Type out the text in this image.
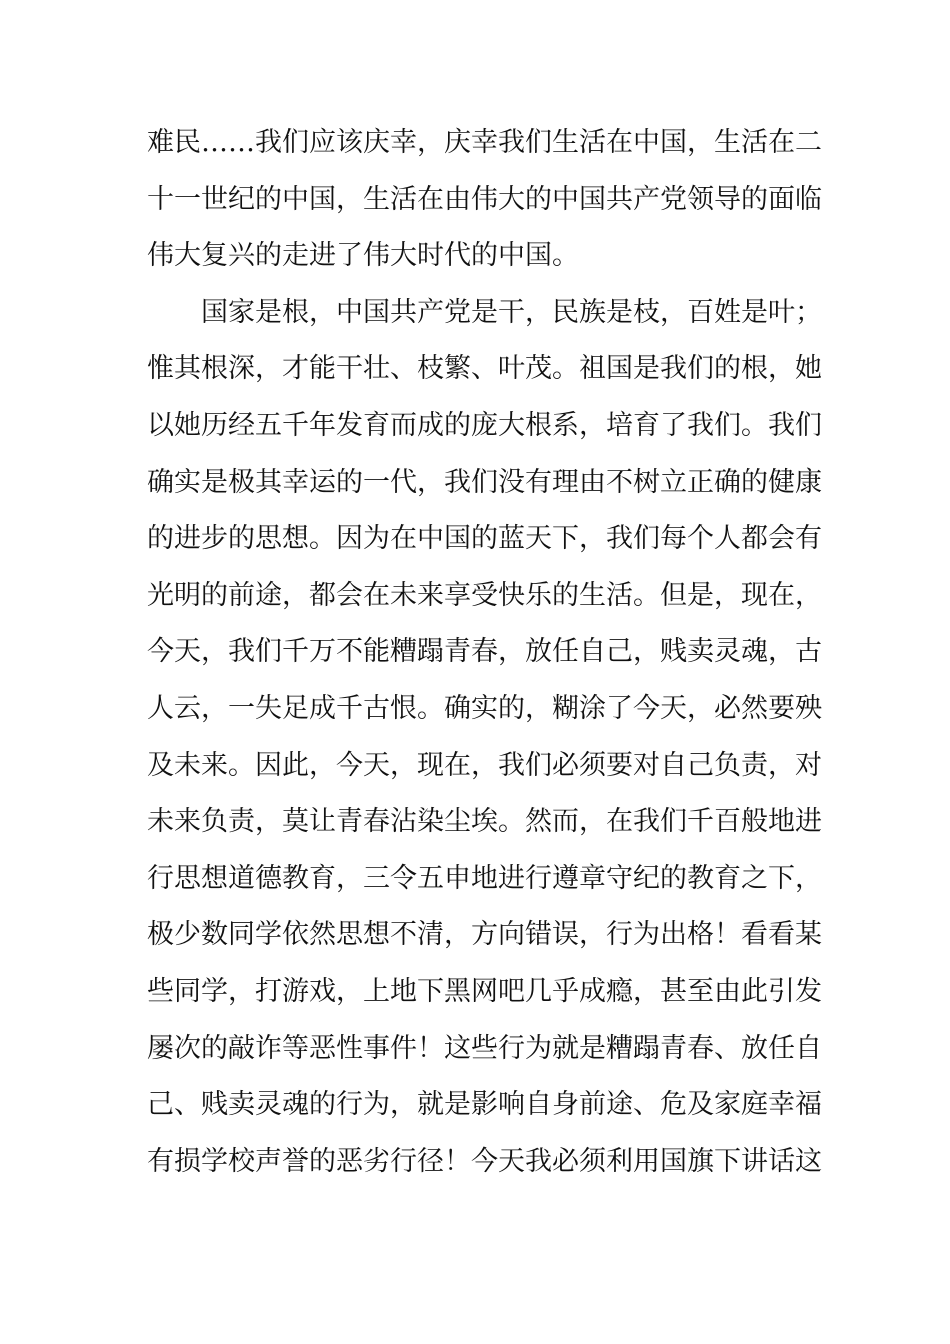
难民……我们应该庆幸，庆幸我们生活在中国，生活在二
十一世纪的中国，生活在由伟大的中国共产党领导的面临
伟大复兴的走进了伟大时代的中国。
国家是根，中国共产党是干，民族是枝，百姓是叶；
惟其根深，才能干壮、枝繁、叶茂。祖国是我们的根，她
以她历经五千年发育而成的庞大根系，培育了我们。我们
确实是极其幸运的一代，我们没有理由不树立正确的健康
的进步的思想。因为在中国的蓝天下，我们每个人都会有
光明的前途，都会在未来享受快乐的生活。但是，现在，
今天，我们千万不能糟蹋青春，放任自己，贱卖灵魂，古
人云，一失足成千古恨。确实的，糊涂了今天，必然要殃
及未来。因此，今天，现在，我们必须要对自己负责，对
未来负责，莫让青春沾染尘埃。然而，在我们千百般地进
行思想道德教育，三令五申地进行遵章守纪的教育之下，
极少数同学依然思想不清，方向错误，行为出格！看看某
些同学，打游戏，上地下黑网吧几乎成瘾，甚至由此引发
屡次的敲诈等恶性事件！这些行为就是糟蹋青春、放任自
己、贱卖灵魂的行为，就是影响自身前途、危及家庭幸福
有损学校声誉的恶劣行径！今天我必须利用国旗下讲话这
